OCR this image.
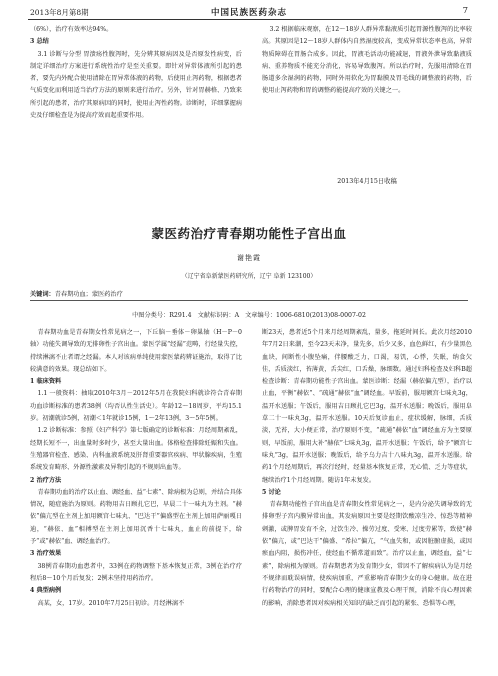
2013年8月第8期	中国民族医药杂志	7

（6%），治疗有效率达94%。

3 总结

3.1 诊断与分型 胃溃疡性腹泻时，先分辨其原病因及是否原发性病变，后制定详细治疗方案进行系统性治疗是至关重要。即针对异常体液所引起的患者，要先内外配合使用清除在胃异常体液的药物，后使用止泻药物，根据患者气质变化而利用适当治疗方法的原则来进行治疗。另外，针对胃赫格、乃致来所引起的患者，治疗其原病因的同时，使用止泻性药物。诊断时，详细掌握病史及仔细检查是为提高疗效而起重要作用。

3.2 根据临床观察，在12～18岁人群异常黏液质引起胃源性腹泻的比率较高。其原因是12～18岁人群体内自然湿度较高，变成异常状态率也高，异常物质障碍在胃肠合成多。因此，胃液毛活动功能减退，胃液外泄导致黏液质病、重养物质不能充分消化，容易导致腹泻。所以治疗时，先服用清除在胃肠道多余湿润的药物，同时外用软化为胃黏膜及胃毛线的调整液的药物，后使用止泻药物和胃的调整药能提高疗效的关键之一。

2013年4月15日收稿
蒙医药治疗青春期功能性子宫出血
谢艳霞
（辽宁省阜新蒙医药研究所，辽宁 阜新 123100）
关键词：青春期功血；蒙医药治疗
中图分类号：R291.4 文献标识码：A 文章编号：1006-6810(2013)08-0007-02

青春期功血是青春期女性常见病之一，下丘脑－垂体－卵巢轴（H－P－0轴）功能失调导致的无排卵性子宫出血。蒙医学属“经漏”范畴，行经量失控，持续淋漓不止者谓之经漏。本人对该病单纯使用蒙医蒙药辨证施治，取得了比较满意的效果。现总结如下。

1 临床资料

1.1 一般资料：抽取2010年3月－2012年5月在我院妇科就诊符合青春期功血诊断标准的患者38例（均否认性生活史）。年龄12～18周岁，平均15.1岁。初潮就诊5例，初潮＜1年就诊15例，1～2年13例，3～5年5例。

1.2 诊断标准：参照《妇产科学》第七版确定的诊断标准：月经周期紊乱，经期长短不一，出血量时多时少，甚至大量出血。体格检查排除妊娠和失血。生殖器官检查、感染、内科血液系统及肝肾重要器官疾病、甲状腺疾病，生殖系统发育畸形、外源性激素及异物引起的不规则出血等。

2 治疗方法

青春期功血的治疗以止血、调经血、益“七素”、除病根为总则，并结合具体情况，随症施治为原则。药物用吉日顾扎它巴，早晨二十一味丸为主剂。“赫依”偏亢型在主剂上加用额宫七味丸、“巴达干”偏盛型在主剂上加用萨丽嘎日迪，“赫依、血”相搏型在主剂上加用沉香十七味丸，血止的前提下，给予“或”赫依“血、调经血治疗。

3 治疗效果

38例青春期功血患者中，33例在药物调整下基本恢复正常，3例在治疗疗程后8～10个月后复发；2例未坚持用药治疗。

4 典型病例

高某，女，17岁。2010年7月25日初诊。月经淋漓不

断23天，患者近5个月来月经周期紊乱，量多，拖延时间长。此次月经2010年7月2日来潮，至今23天未净，量先多，后少又多，血色鲜红，有少量黑色血块，间断性小腹坠痛，伴腰酸乏力，口渴，易饥，心悸，失眠，纳食欠佳，舌质淡红，苔薄黄，舌尖红，口舌燥，脉细数。通过妇科检查及妇科B超检查诊断：青春期功能性子宫出血。蒙医诊断：经漏（赫依偏亢型），治疗以止血，平衡“赫依”、“疏通”赫依“血”调经血。早饭前，服用额宫七味丸3g，温开水送服；午饭后，服用吉日顾扎它巴3g，温开水送服；晚饭后，服用阜草二十一味丸3g，温开水送服。10天后复诊血止，症状缓解，脉细，舌质淡，无苔，大小便正常，治疗原则不变，“疏通”赫依“血”调经血方为主要原则，早饭前，服用大补“赫依”七味丸3g，温开水送服；午饭后，给予“额宫七味丸”3g，温开水送服；晚饭后，给予乌力吉十八味丸3g，温开水送服。给药1个月经周期后，再次行经时，经量基本恢复正常，无心慌、乏力等症状，继续治疗1个月经周期。随访1年未复发。

5 讨论

青春期功能性子宫出血是青春期女性常见病之一，是内分泌失调导致的无排卵型子宫内膜异常出血，其发病原因主要是经期饮酸凉生冷、惊恐等精神刺激，或脾胃发育不全，过饮生冷、操劳过度、受寒、过度劳累等，致使“赫依”偏亢，或“巴达干”偏盛、“希拉”偏亢，“气血失和，或因脏腑虚损，或因瘀血内阻，损伤冲任，使经血不循常道而致”。治疗以止血，调经血，益“七素”，除病根为原则。青春期患者为发育期少女，常因不了解疾病认为是月经不规律而耽误病情，使疾病加重，严重影响青春期少女的身心健康。故在进行药物治疗的同时，要配合心理的健康宣教及心理干预，消除不良心理因素的影响，消除患者因对疾病相关知识的缺乏而引起的紧张、恐惧等心理，
